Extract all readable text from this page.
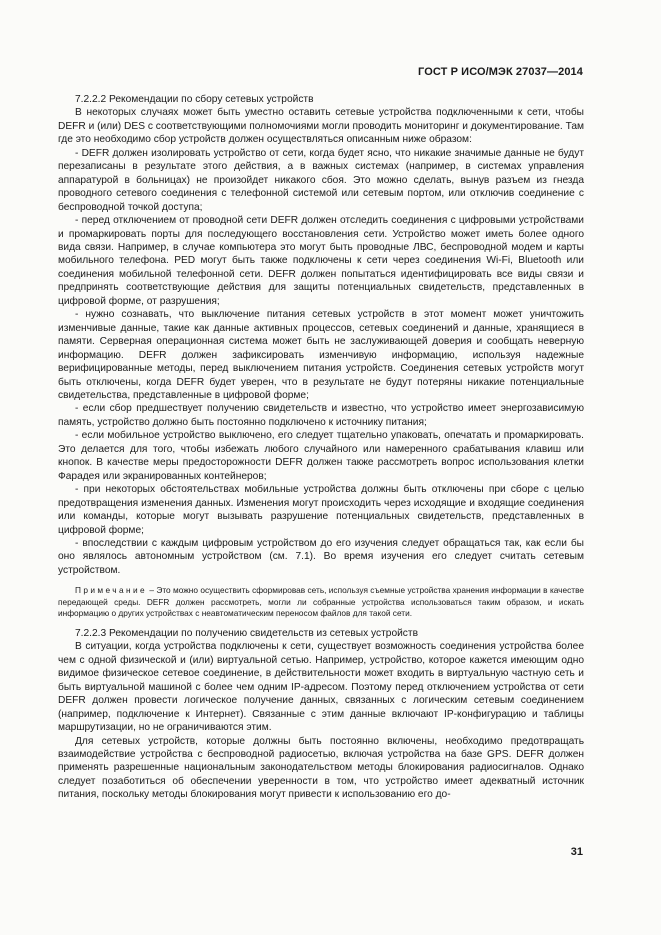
ГОСТ Р ИСО/МЭК 27037—2014

7.2.2.2 Рекомендации по сбору сетевых устройств

В некоторых случаях может быть уместно оставить сетевые устройства подключенными к сети, чтобы DEFR и (или) DES с соответствующими полномочиями могли проводить мониторинг и документирование. Там где это необходимо сбор устройств должен осуществляться описанным ниже образом:

- DEFR должен изолировать устройство от сети, когда будет ясно, что никакие значимые данные не будут перезаписаны в результате этого действия, а в важных системах (например, в системах управления аппаратурой в больницах) не произойдет никакого сбоя. Это можно сделать, вынув разъем из гнезда проводного сетевого соединения с телефонной системой или сетевым портом, или отключив соединение с беспроводной точкой доступа;

- перед отключением от проводной сети DEFR должен отследить соединения с цифровыми устройствами и промаркировать порты для последующего восстановления сети. Устройство может иметь более одного вида связи. Например, в случае компьютера это могут быть проводные ЛВС, беспроводной модем и карты мобильного телефона. PED могут быть также подключены к сети через соединения Wi-Fi, Bluetooth или соединения мобильной телефонной сети. DEFR должен попытаться идентифицировать все виды связи и предпринять соответствующие действия для защиты потенциальных свидетельств, представленных в цифровой форме, от разрушения;

- нужно сознавать, что выключение питания сетевых устройств в этот момент может уничтожить изменчивые данные, такие как данные активных процессов, сетевых соединений и данные, хранящиеся в памяти. Серверная операционная система может быть не заслуживающей доверия и сообщать неверную информацию. DEFR должен зафиксировать изменчивую информацию, используя надежные верифицированные методы, перед выключением питания устройств. Соединения сетевых устройств могут быть отключены, когда DEFR будет уверен, что в результате не будут потеряны никакие потенциальные свидетельства, представленные в цифровой форме;

- если сбор предшествует получению свидетельств и известно, что устройство имеет энергозависимую память, устройство должно быть постоянно подключено к источнику питания;

- если мобильное устройство выключено, его следует тщательно упаковать, опечатать и промаркировать. Это делается для того, чтобы избежать любого случайного или намеренного срабатывания клавиш или кнопок. В качестве меры предосторожности DEFR должен также рассмотреть вопрос использования клетки Фарадея или экранированных контейнеров;

- при некоторых обстоятельствах мобильные устройства должны быть отключены при сборе с целью предотвращения изменения данных. Изменения могут происходить через исходящие и входящие соединения или команды, которые могут вызывать разрушение потенциальных свидетельств, представленных в цифровой форме;

- впоследствии с каждым цифровым устройством до его изучения следует обращаться так, как если бы оно являлось автономным устройством (см. 7.1). Во время изучения его следует считать сетевым устройством.

Примечание – Это можно осуществить сформировав сеть, используя съемные устройства хранения информации в качестве передающей среды. DEFR должен рассмотреть, могли ли собранные устройства использоваться таким образом, и искать информацию о других устройствах с неавтоматическим переносом файлов для такой сети.

7.2.2.3 Рекомендации по получению свидетельств из сетевых устройств

В ситуации, когда устройства подключены к сети, существует возможность соединения устройства более чем с одной физической и (или) виртуальной сетью. Например, устройство, которое кажется имеющим одно видимое физическое сетевое соединение, в действительности может входить в виртуальную частную сеть и быть виртуальной машиной с более чем одним IP-адресом. Поэтому перед отключением устройства от сети DEFR должен провести логическое получение данных, связанных с логическим сетевым соединением (например, подключение к Интернет). Связанные с этим данные включают IP-конфигурацию и таблицы маршрутизации, но не ограничиваются этим.

Для сетевых устройств, которые должны быть постоянно включены, необходимо предотвращать взаимодействие устройства с беспроводной радиосетью, включая устройства на базе GPS. DEFR должен применять разрешенные национальным законодательством методы блокирования радиосигналов. Однако следует позаботиться об обеспечении уверенности в том, что устройство имеет адекватный источник питания, поскольку методы блокирования могут привести к использованию его до-

31
